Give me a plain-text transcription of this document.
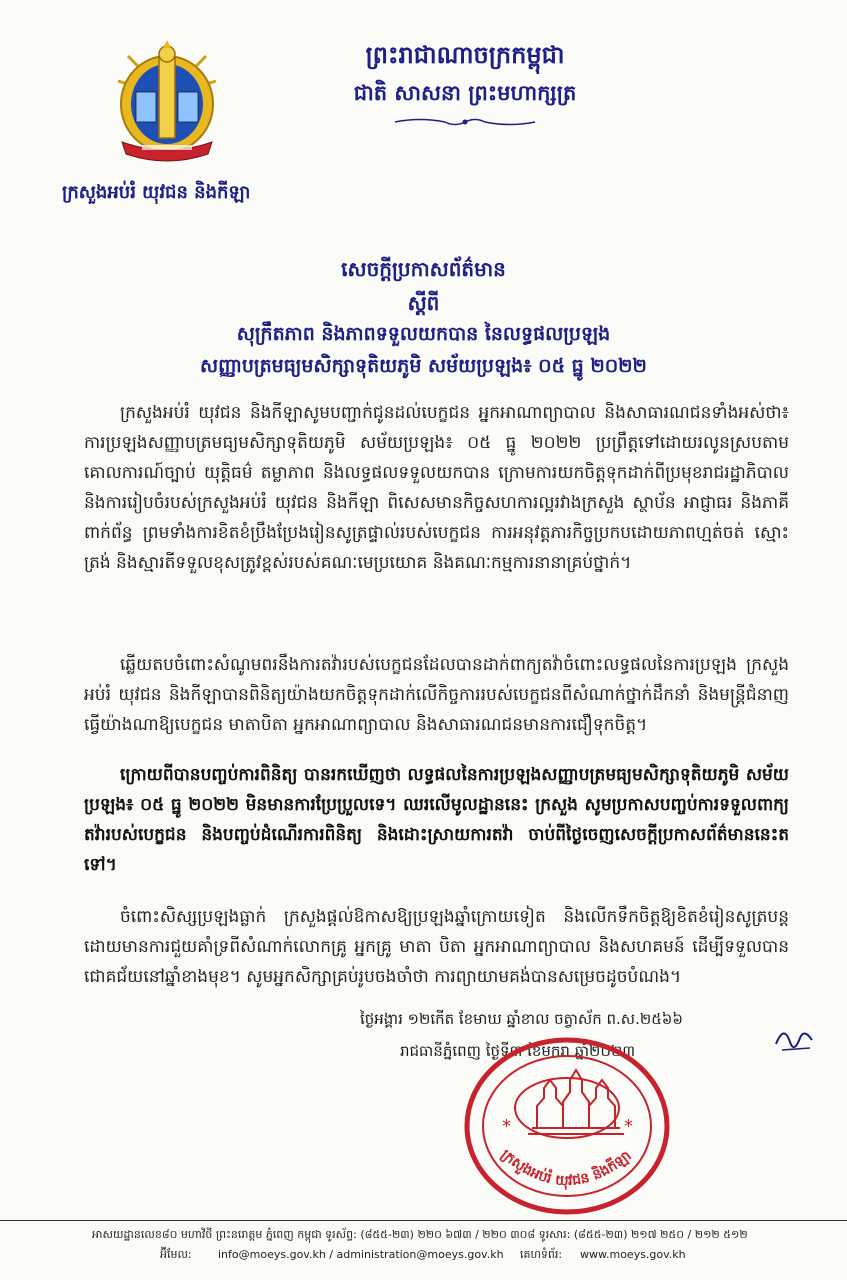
ព្រះរាជាណាចក្រកម្ពុជា
ជាតិ សាសនា ព្រះមហាក្សត្រ
ក្រសួងអប់រំ យុវជន និងកីឡា
សេចក្តីប្រកាសព័ត៌មាន
ស្តីពី
សុក្រឹតភាព និងភាពទទួលយកបាន នៃលទ្ធផលប្រឡង
សញ្ញាបត្រមធ្យមសិក្សាទុតិយភូមិ សម័យប្រឡង៖ ០៥ ធ្នូ ២០២២
ក្រសួងអប់រំ យុវជន និងកីឡាសូមបញ្ជាក់ជូនដល់បេក្ខជន អ្នកអាណាព្យាបាល និងសាធារណជនទាំងអស់ថា៖ ការប្រឡងសញ្ញាបត្រមធ្យមសិក្សាទុតិយភូមិ សម័យប្រឡង៖ ០៥ ធ្នូ ២០២២ ប្រព្រឹត្តទៅដោយរលូនស្របតាមគោលការណ៍ច្បាប់ យុត្តិធម៌ តម្លាភាព និងលទ្ធផលទទួលយកបាន ក្រោមការយកចិត្តទុកដាក់ពីប្រមុខរាជរដ្ឋាភិបាល និងការរៀបចំរបស់ក្រសួងអប់រំ យុវជន និងកីឡា ពិសេសមានកិច្ចសហការល្អរវាងក្រសួង ស្ថាប័ន អាជ្ញាធរ និងភាគីពាក់ព័ន្ធ ព្រមទាំងការខិតខំប្រឹងប្រែងរៀនសូត្រផ្ទាល់របស់បេក្ខជន ការអនុវត្តភារកិច្ចប្រកបដោយភាពហ្មត់ចត់ ស្មោះត្រង់ និងស្មារតីទទួលខុសត្រូវខ្ពស់របស់គណៈមេប្រយោគ និងគណៈកម្មការនានាគ្រប់ថ្នាក់។
ឆ្លើយតបចំពោះសំណូមពរនឹងការតវ៉ារបស់បេក្ខជនដែលបានដាក់ពាក្យតវ៉ាចំពោះលទ្ធផលនៃការប្រឡង ក្រសួងអប់រំ យុវជន និងកីឡាបានពិនិត្យយ៉ាងយកចិត្តទុកដាក់លើកិច្ចការរបស់បេក្ខជនពីសំណាក់ថ្នាក់ដឹកនាំ និងមន្ត្រីជំនាញ ធ្វើយ៉ាងណាឱ្យបេក្ខជន មាតាបិតា អ្នកអាណាព្យាបាល និងសាធារណជនមានការជឿទុកចិត្ត។
ក្រោយពីបានបញ្ចប់ការពិនិត្យ បានរកឃើញថា លទ្ធផលនៃការប្រឡងសញ្ញាបត្រមធ្យមសិក្សាទុតិយភូមិ សម័យប្រឡង៖ ០៥ ធ្នូ ២០២២ មិនមានការប្រែប្រួលទេ។ ឈរលើមូលដ្ឋាននេះ ក្រសួង សូមប្រកាសបញ្ចប់ការទទួលពាក្យតវ៉ារបស់បេក្ខជន និងបញ្ចប់ដំណើរការពិនិត្យ និងដោះស្រាយការតវ៉ា ចាប់ពីថ្ងៃចេញសេចក្តីប្រកាសព័ត៌មាននេះតទៅ។
ចំពោះសិស្សប្រឡងធ្លាក់ ក្រសួងផ្តល់ឱកាសឱ្យប្រឡងឆ្នាំក្រោយទៀត និងលើកទឹកចិត្តឱ្យខិតខំរៀនសូត្របន្ត ដោយមានការជួយគាំទ្រពីសំណាក់លោកគ្រូ អ្នកគ្រូ មាតា បិតា អ្នកអាណាព្យាបាល និងសហគមន៍ ដើម្បីទទួលបានជោគជ័យនៅឆ្នាំខាងមុខ។ សូមអ្នកសិក្សាគ្រប់រូបចងចាំថា ការព្យាយាមគង់បានសម្រេចដូចបំណង។
ថ្ងៃអង្គារ ១២កើត ខែមាឃ ឆ្នាំខាល ចត្វាស័ក ព.ស.២៥៦៦
រាជធានីភ្នំពេញ ថ្ងៃទី៣ ខែមករា ឆ្នាំ២០២៣
*	*
ក្រសួងអប់រំ យុវជន និងកីឡា
អាសយដ្ឋានលេខ៨០ មហាវិថី ព្រះនរោត្តម ភ្នំពេញ កម្ពុជា ទូរស័ព្ទ: (៨៥៥-២៣) ២២០ ៦៧៣ / ២២០ ៣០៨ ទូរសារ: (៨៥៥-២៣) ២១៧ ២៥០ / ២១២ ៥១២
អ៊ីមែល: info@moeys.gov.kh / administration@moeys.gov.kh គេហទំព័រ: www.moeys.gov.kh
